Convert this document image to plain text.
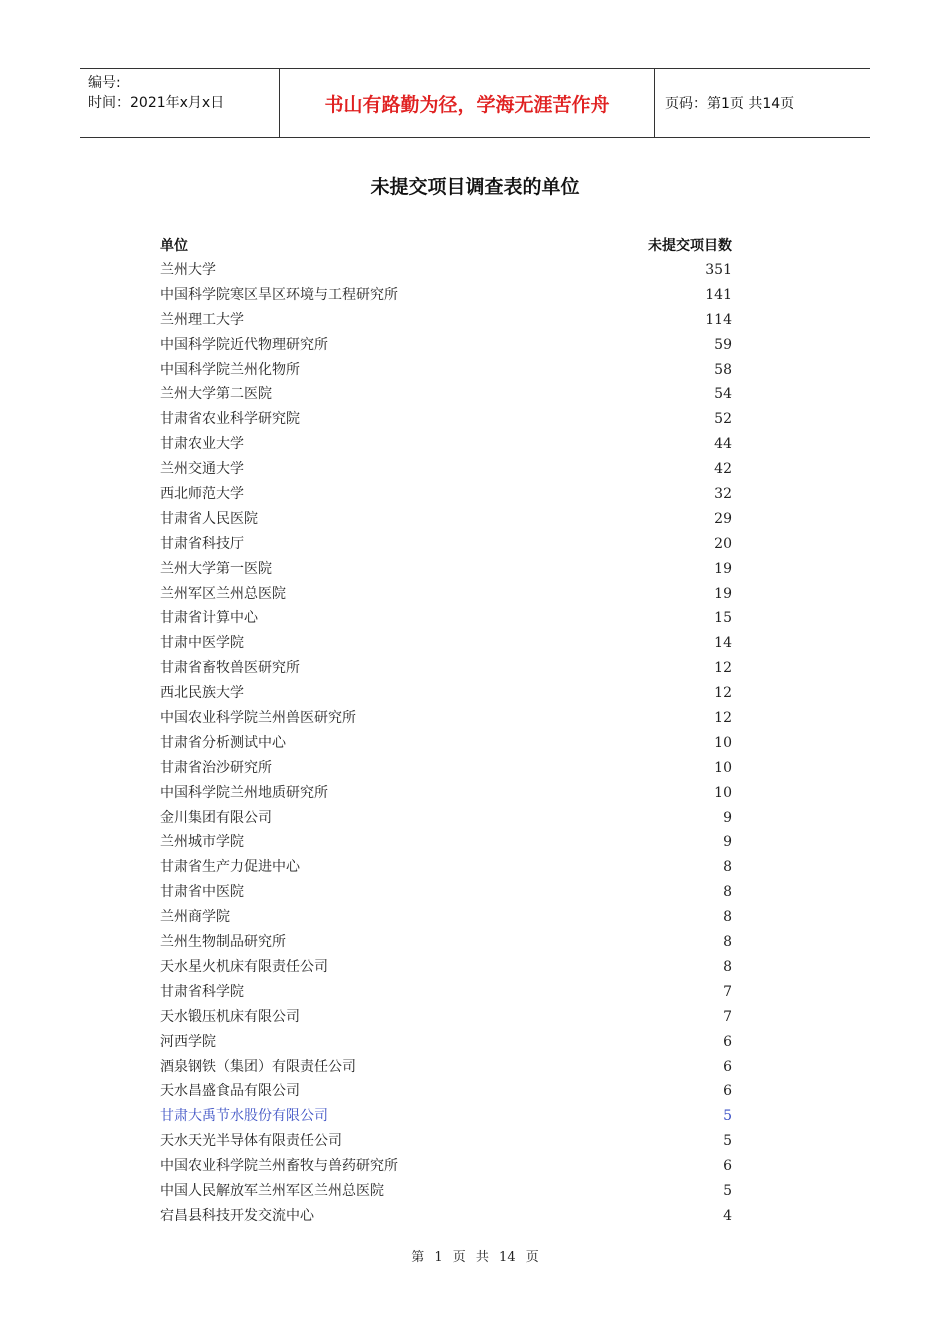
编号:
时间：2021年x月x日	书山有路勤为径，学海无涯苦作舟	页码：第1页 共14页
未提交项目调查表的单位
单位	未提交项目数
兰州大学	351
中国科学院寒区旱区环境与工程研究所	141
兰州理工大学	114
中国科学院近代物理研究所	59
中国科学院兰州化物所	58
兰州大学第二医院	54
甘肃省农业科学研究院	52
甘肃农业大学	44
兰州交通大学	42
西北师范大学	32
甘肃省人民医院	29
甘肃省科技厅	20
兰州大学第一医院	19
兰州军区兰州总医院	19
甘肃省计算中心	15
甘肃中医学院	14
甘肃省畜牧兽医研究所	12
西北民族大学	12
中国农业科学院兰州兽医研究所	12
甘肃省分析测试中心	10
甘肃省治沙研究所	10
中国科学院兰州地质研究所	10
金川集团有限公司	9
兰州城市学院	9
甘肃省生产力促进中心	8
甘肃省中医院	8
兰州商学院	8
兰州生物制品研究所	8
天水星火机床有限责任公司	8
甘肃省科学院	7
天水锻压机床有限公司	7
河西学院	6
酒泉钢铁（集团）有限责任公司	6
天水昌盛食品有限公司	6
甘肃大禹节水股份有限公司	5
天水天光半导体有限责任公司	5
中国农业科学院兰州畜牧与兽药研究所	6
中国人民解放军兰州军区兰州总医院	5
宕昌县科技开发交流中心	4
第 1 页 共 14 页
